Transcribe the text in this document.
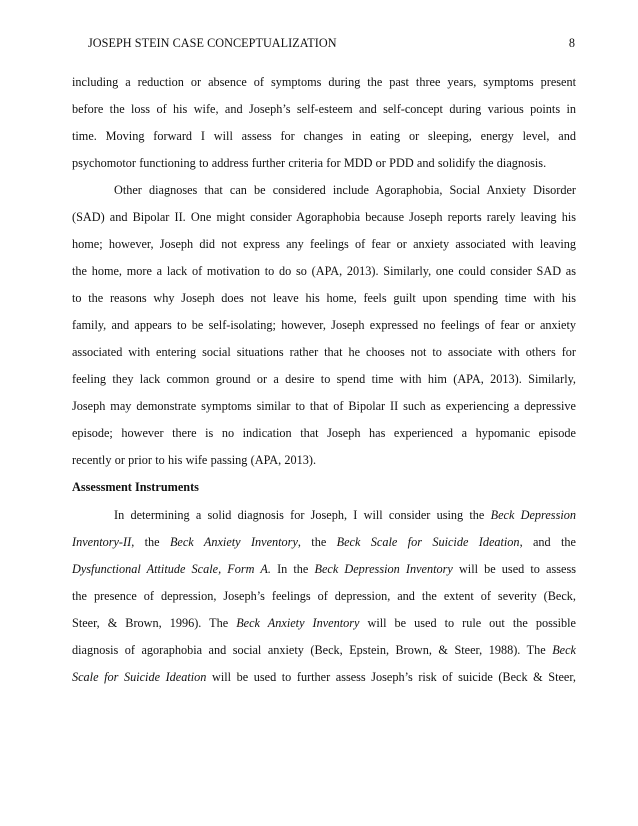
JOSEPH STEIN CASE CONCEPTUALIZATION	8
including a reduction or absence of symptoms during the past three years, symptoms present
before the loss of his wife, and Joseph’s self-esteem and self-concept during various points in
time. Moving forward I will assess for changes in eating or sleeping, energy level, and
psychomotor functioning to address further criteria for MDD or PDD and solidify the diagnosis.
Other diagnoses that can be considered include Agoraphobia, Social Anxiety Disorder
(SAD) and Bipolar II. One might consider Agoraphobia because Joseph reports rarely leaving his
home; however, Joseph did not express any feelings of fear or anxiety associated with leaving
the home, more a lack of motivation to do so (APA, 2013). Similarly, one could consider SAD as
to the reasons why Joseph does not leave his home, feels guilt upon spending time with his
family, and appears to be self-isolating; however, Joseph expressed no feelings of fear or anxiety
associated with entering social situations rather that he chooses not to associate with others for
feeling they lack common ground or a desire to spend time with him (APA, 2013). Similarly,
Joseph may demonstrate symptoms similar to that of Bipolar II such as experiencing a depressive
episode; however there is no indication that Joseph has experienced a hypomanic episode
recently or prior to his wife passing (APA, 2013).
Assessment Instruments
In determining a solid diagnosis for Joseph, I will consider using the Beck Depression
Inventory-II, the Beck Anxiety Inventory, the Beck Scale for Suicide Ideation, and the
Dysfunctional Attitude Scale, Form A. In the Beck Depression Inventory will be used to assess
the presence of depression, Joseph’s feelings of depression, and the extent of severity (Beck,
Steer, & Brown, 1996). The Beck Anxiety Inventory will be used to rule out the possible
diagnosis of agoraphobia and social anxiety (Beck, Epstein, Brown, & Steer, 1988). The Beck
Scale for Suicide Ideation will be used to further assess Joseph’s risk of suicide (Beck & Steer,
